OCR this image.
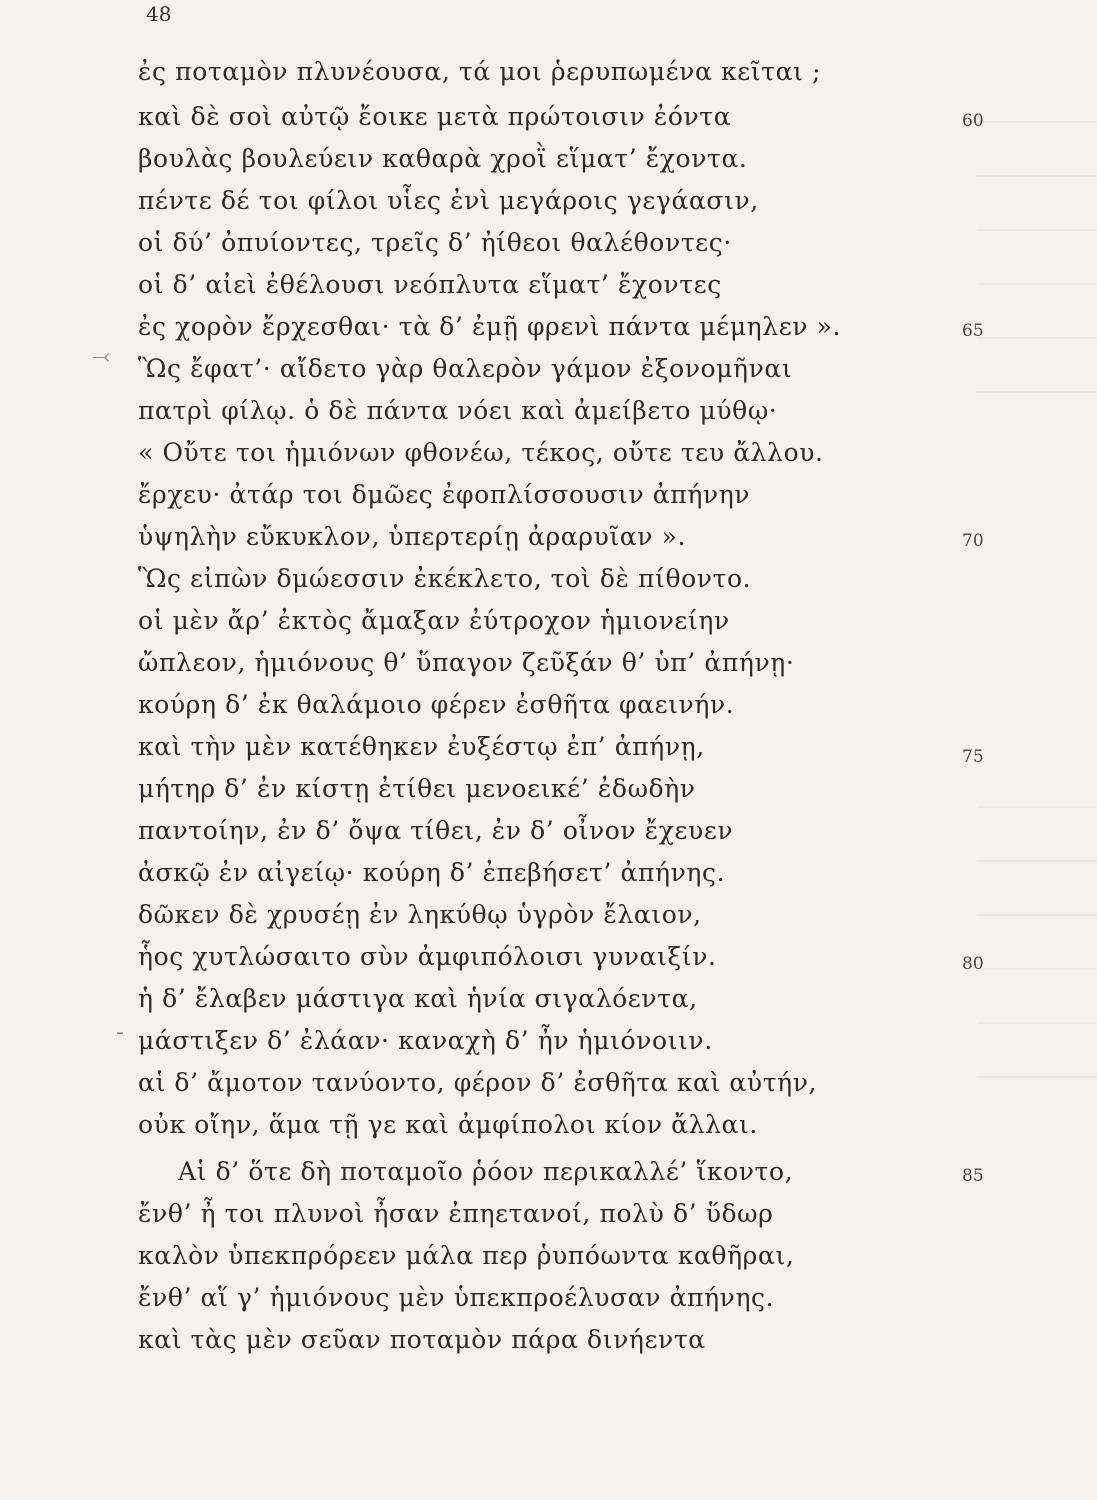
48
ἐς ποταμὸν πλυνέουσα, τά μοι ῥερυπωμένα κεῖται ;
καὶ δὲ σοὶ αὐτῷ ἔοικε μετὰ πρώτοισιν ἐόντα	60
βουλὰς βουλεύειν καθαρὰ χροῒ εἵματ’ ἔχοντα.
πέντε δέ τοι φίλοι υἷες ἐνὶ μεγάροις γεγάασιν,
οἱ δύ’ ὀπυίοντες, τρεῖς δ’ ἠίθεοι θαλέθοντες·
οἱ δ’ αἰεὶ ἐθέλουσι νεόπλυτα εἵματ’ ἔχοντες
ἐς χορὸν ἔρχεσθαι· τὰ δ’ ἐμῇ φρενὶ πάντα μέμηλεν ».	65
⤙ Ὣς ἔφατ’· αἴδετο γὰρ θαλερὸν γάμον ἐξονομῆναι
πατρὶ φίλῳ. ὁ δὲ πάντα νόει καὶ ἀμείβετο μύθῳ·
« Οὔτε τοι ἡμιόνων φθονέω, τέκος, οὔτε τευ ἄλλου.
ἔρχευ· ἀτάρ τοι δμῶες ἐφοπλίσσουσιν ἀπήνην
ὑψηλὴν εὔκυκλον, ὑπερτερίῃ ἀραρυῖαν ».	70
Ὣς εἰπὼν δμώεσσιν ἐκέκλετο, τοὶ δὲ πίθοντο.
οἱ μὲν ἄρ’ ἐκτὸς ἄμαξαν ἐύτροχον ἡμιονείην
ὤπλεον, ἡμιόνους θ’ ὕπαγον ζεῦξάν θ’ ὑπ’ ἀπήνῃ·
κούρη δ’ ἐκ θαλάμοιο φέρεν ἐσθῆτα φαεινήν.
καὶ τὴν μὲν κατέθηκεν ἐυξέστῳ ἐπ’ ἀπήνῃ,	75
μήτηρ δ’ ἐν κίστῃ ἐτίθει μενοεικέ’ ἐδωδὴν
παντοίην, ἐν δ’ ὄψα τίθει, ἐν δ’ οἶνον ἔχευεν
ἀσκῷ ἐν αἰγείῳ· κούρη δ’ ἐπεβήσετ’ ἀπήνης.
δῶκεν δὲ χρυσέῃ ἐν ληκύθῳ ὑγρὸν ἔλαιον,
ἧος χυτλώσαιτο σὺν ἀμφιπόλοισι γυναιξίν.	80
ἡ δ’ ἔλαβεν μάστιγα καὶ ἡνία σιγαλόεντα,
- μάστιξεν δ’ ἐλάαν· καναχὴ δ’ ἦν ἡμιόνοιιν.
αἱ δ’ ἄμοτον τανύοντο, φέρον δ’ ἐσθῆτα καὶ αὐτήν,
οὐκ οἴην, ἅμα τῇ γε καὶ ἀμφίπολοι κίον ἄλλαι.
Αἱ δ’ ὅτε δὴ ποταμοῖο ῥόον περικαλλέ’ ἵκοντο,	85
ἔνθ’ ἦ τοι πλυνοὶ ἦσαν ἐπηετανοί, πολὺ δ’ ὕδωρ
καλὸν ὑπεκπρόρεεν μάλα περ ῥυπόωντα καθῆραι,
ἔνθ’ αἵ γ’ ἡμιόνους μὲν ὑπεκπροέλυσαν ἀπήνης.
καὶ τὰς μὲν σεῦαν ποταμὸν πάρα δινήεντα
